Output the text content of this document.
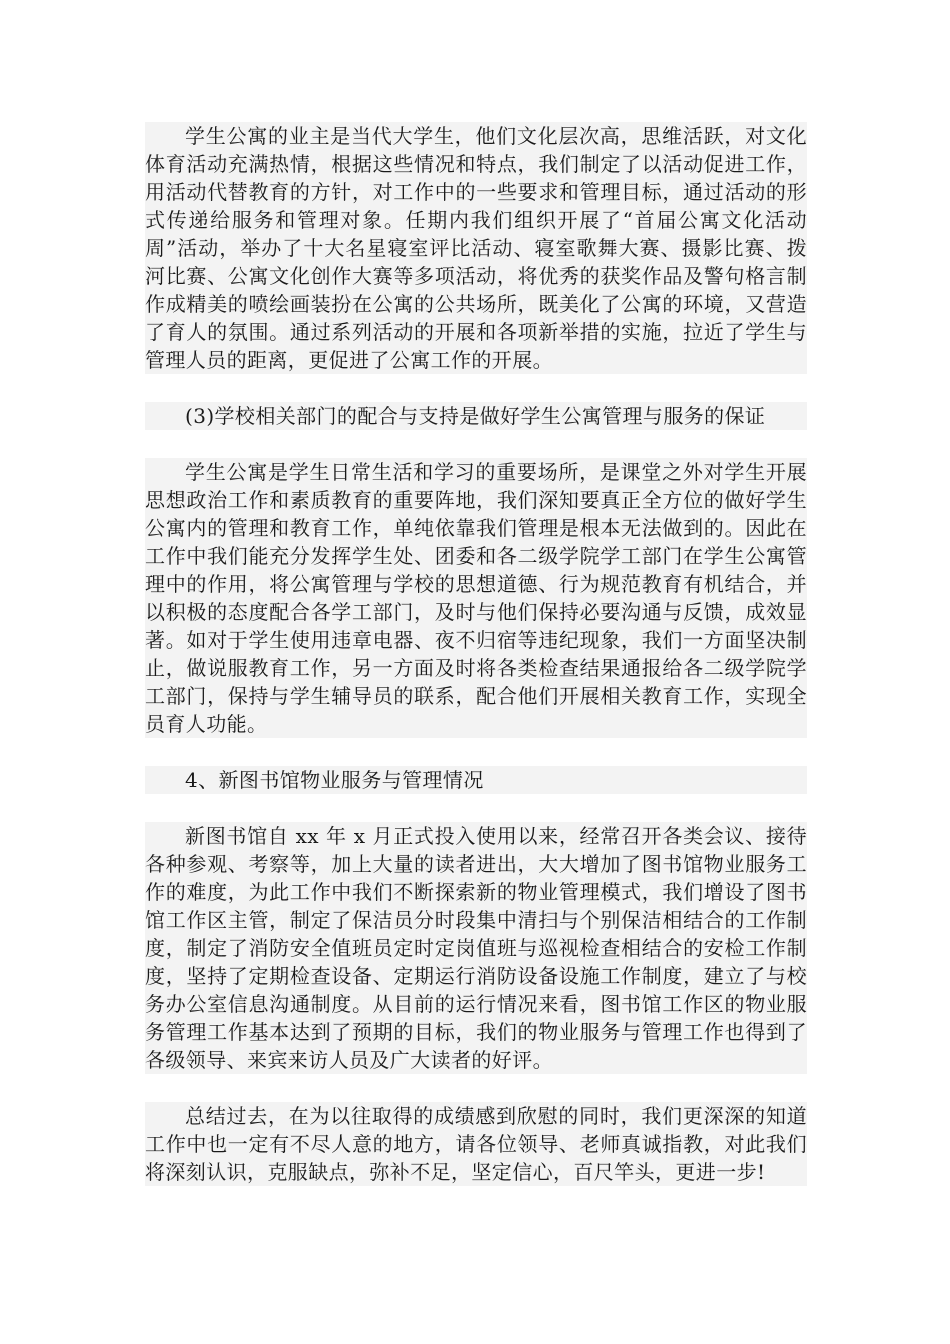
学生公寓的业主是当代大学生，他们文化层次高，思维活跃，对文化体育活动充满热情，根据这些情况和特点，我们制定了以活动促进工作，用活动代替教育的方针，对工作中的一些要求和管理目标，通过活动的形式传递给服务和管理对象。任期内我们组织开展了“首届公寓文化活动周”活动，举办了十大名星寝室评比活动、寝室歌舞大赛、摄影比赛、拨河比赛、公寓文化创作大赛等多项活动，将优秀的获奖作品及警句格言制作成精美的喷绘画装扮在公寓的公共场所，既美化了公寓的环境，又营造了育人的氛围。通过系列活动的开展和各项新举措的实施，拉近了学生与管理人员的距离，更促进了公寓工作的开展。

(3)学校相关部门的配合与支持是做好学生公寓管理与服务的保证

学生公寓是学生日常生活和学习的重要场所，是课堂之外对学生开展思想政治工作和素质教育的重要阵地，我们深知要真正全方位的做好学生公寓内的管理和教育工作，单纯依靠我们管理是根本无法做到的。因此在工作中我们能充分发挥学生处、团委和各二级学院学工部门在学生公寓管理中的作用，将公寓管理与学校的思想道德、行为规范教育有机结合，并以积极的态度配合各学工部门，及时与他们保持必要沟通与反馈，成效显著。如对于学生使用违章电器、夜不归宿等违纪现象，我们一方面坚决制止，做说服教育工作，另一方面及时将各类检查结果通报给各二级学院学工部门，保持与学生辅导员的联系，配合他们开展相关教育工作，实现全员育人功能。

4、新图书馆物业服务与管理情况

新图书馆自 xx 年 x 月正式投入使用以来，经常召开各类会议、接待各种参观、考察等，加上大量的读者进出，大大增加了图书馆物业服务工作的难度，为此工作中我们不断探索新的物业管理模式，我们增设了图书馆工作区主管，制定了保洁员分时段集中清扫与个别保洁相结合的工作制度，制定了消防安全值班员定时定岗值班与巡视检查相结合的安检工作制度，坚持了定期检查设备、定期运行消防设备设施工作制度，建立了与校务办公室信息沟通制度。从目前的运行情况来看，图书馆工作区的物业服务管理工作基本达到了预期的目标，我们的物业服务与管理工作也得到了各级领导、来宾来访人员及广大读者的好评。

总结过去，在为以往取得的成绩感到欣慰的同时，我们更深深的知道工作中也一定有不尽人意的地方，请各位领导、老师真诚指教，对此我们将深刻认识，克服缺点，弥补不足，坚定信心，百尺竿头，更进一步!
